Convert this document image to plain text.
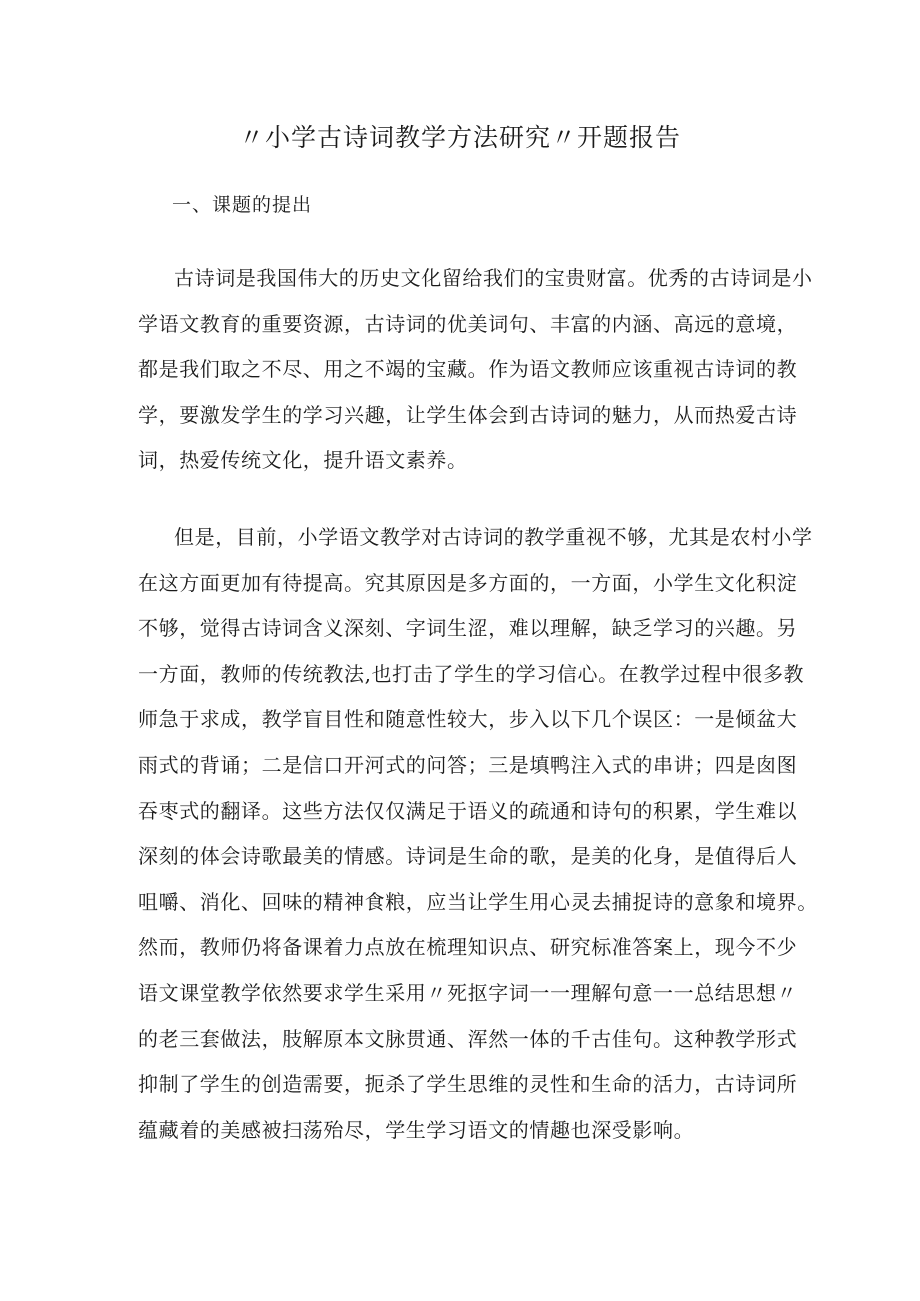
〃小学古诗词教学方法研究〃开题报告
一、课题的提出
古诗词是我国伟大的历史文化留给我们的宝贵财富。优秀的古诗词是小
学语文教育的重要资源，古诗词的优美词句、丰富的内涵、高远的意境，
都是我们取之不尽、用之不竭的宝藏。作为语文教师应该重视古诗词的教
学，要激发学生的学习兴趣，让学生体会到古诗词的魅力，从而热爱古诗
词，热爱传统文化，提升语文素养。
但是，目前，小学语文教学对古诗词的教学重视不够，尤其是农村小学
在这方面更加有待提高。究其原因是多方面的，一方面，小学生文化积淀
不够，觉得古诗词含义深刻、字词生涩，难以理解，缺乏学习的兴趣。另
一方面，教师的传统教法,也打击了学生的学习信心。在教学过程中很多教
师急于求成，教学盲目性和随意性较大，步入以下几个误区：一是倾盆大
雨式的背诵；二是信口开河式的问答；三是填鸭注入式的串讲；四是囱图
吞枣式的翻译。这些方法仅仅满足于语义的疏通和诗句的积累，学生难以
深刻的体会诗歌最美的情感。诗词是生命的歌，是美的化身，是值得后人
咀嚼、消化、回味的精神食粮，应当让学生用心灵去捕捉诗的意象和境界。
然而，教师仍将备课着力点放在梳理知识点、研究标准答案上，现今不少
语文课堂教学依然要求学生采用〃死抠字词一一理解句意一一总结思想〃
的老三套做法，肢解原本文脉贯通、浑然一体的千古佳句。这种教学形式
抑制了学生的创造需要，扼杀了学生思维的灵性和生命的活力，古诗词所
蕴藏着的美感被扫荡殆尽，学生学习语文的情趣也深受影响。
